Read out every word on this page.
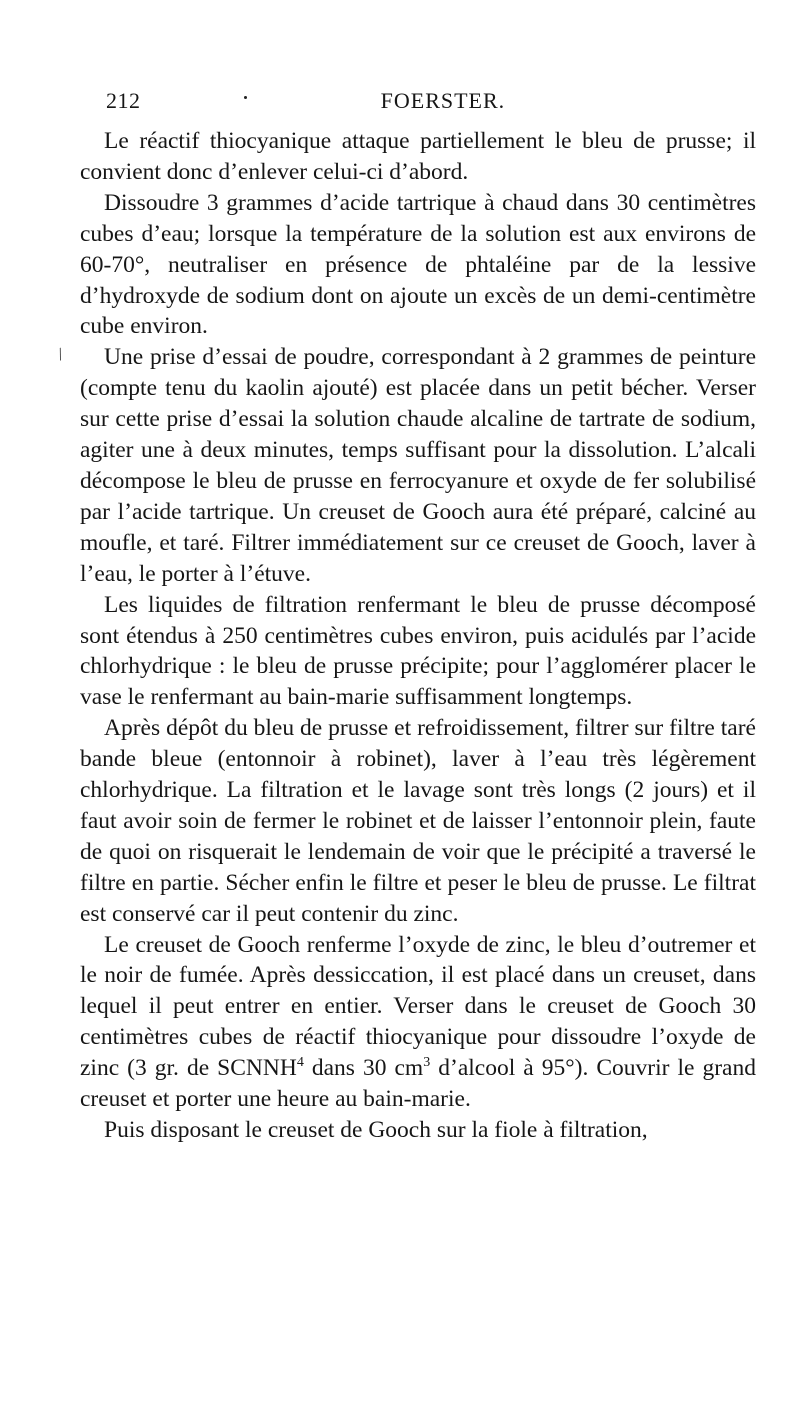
212	FOERSTER.
/

Le réactif thiocyanique attaque partiellement le bleu de prusse; il convient donc d’enlever celui-ci d’abord.

Dissoudre 3 grammes d’acide tartrique à chaud dans 30 centimètres cubes d’eau; lorsque la température de la solution est aux environs de 60-70°, neutraliser en présence de phtaléine par de la lessive d’hydroxyde de sodium dont on ajoute un excès de un demi-centimètre cube environ.

Une prise d’essai de poudre, correspondant à 2 grammes de peinture (compte tenu du kaolin ajouté) est placée dans un petit bécher. Verser sur cette prise d’essai la solution chaude alcaline de tartrate de sodium, agiter une à deux minutes, temps suffisant pour la dissolution. L’alcali décompose le bleu de prusse en ferrocyanure et oxyde de fer solubilisé par l’acide tartrique. Un creuset de Gooch aura été préparé, calciné au moufle, et taré. Filtrer immédiatement sur ce creuset de Gooch, laver à l’eau, le porter à l’étuve.

Les liquides de filtration renfermant le bleu de prusse décomposé sont étendus à 250 centimètres cubes environ, puis acidulés par l’acide chlorhydrique : le bleu de prusse précipite; pour l’agglomérer placer le vase le renfermant au bain-marie suffisamment longtemps.

Après dépôt du bleu de prusse et refroidissement, filtrer sur filtre taré bande bleue (entonnoir à robinet), laver à l’eau très légèrement chlorhydrique. La filtration et le lavage sont très longs (2 jours) et il faut avoir soin de fermer le robinet et de laisser l’entonnoir plein, faute de quoi on risquerait le lendemain de voir que le précipité a traversé le filtre en partie. Sécher enfin le filtre et peser le bleu de prusse. Le filtrat est conservé car il peut contenir du zinc.

Le creuset de Gooch renferme l’oxyde de zinc, le bleu d’outremer et le noir de fumée. Après dessiccation, il est placé dans un creuset, dans lequel il peut entrer en entier. Verser dans le creuset de Gooch 30 centimètres cubes de réactif thiocyanique pour dissoudre l’oxyde de zinc (3 gr. de SCNNH$^4$ dans 30 $cm^3$ d’alcool à 95°). Couvrir le grand creuset et porter une heure au bain-marie.

Puis disposant le creuset de Gooch sur la fiole à filtration,
